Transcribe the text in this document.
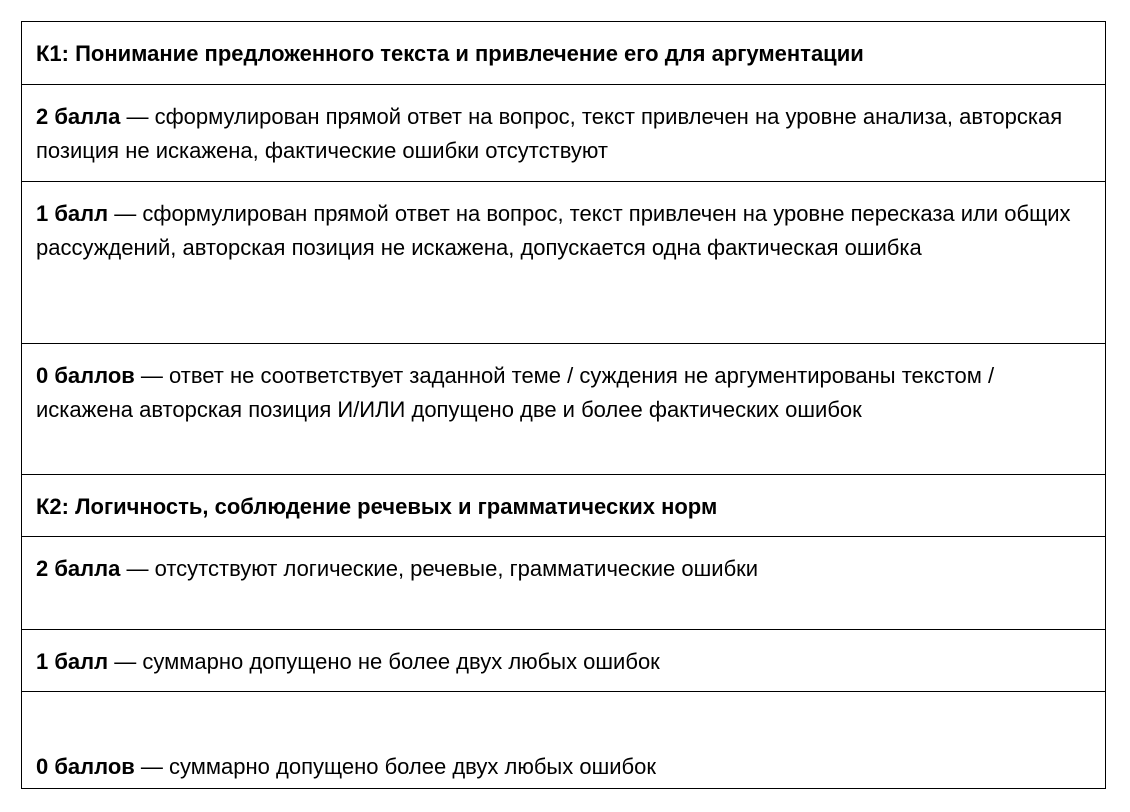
К1: Понимание предложенного текста и привлечение его для аргументации
2 балла — сформулирован прямой ответ на вопрос, текст привлечен на уровне анализа, авторская позиция не искажена, фактические ошибки отсутствуют
1 балл — сформулирован прямой ответ на вопрос, текст привлечен на уровне пересказа или общих рассуждений, авторская позиция не искажена, допускается одна фактическая ошибка
0 баллов — ответ не соответствует заданной теме / суждения не аргументированы текстом / искажена авторская позиция И/ИЛИ допущено две и более фактических ошибок
К2: Логичность, соблюдение речевых и грамматических норм
2 балла — отсутствуют логические, речевые, грамматические ошибки
1 балл — суммарно допущено не более двух любых ошибок
0 баллов — суммарно допущено более двух любых ошибок
